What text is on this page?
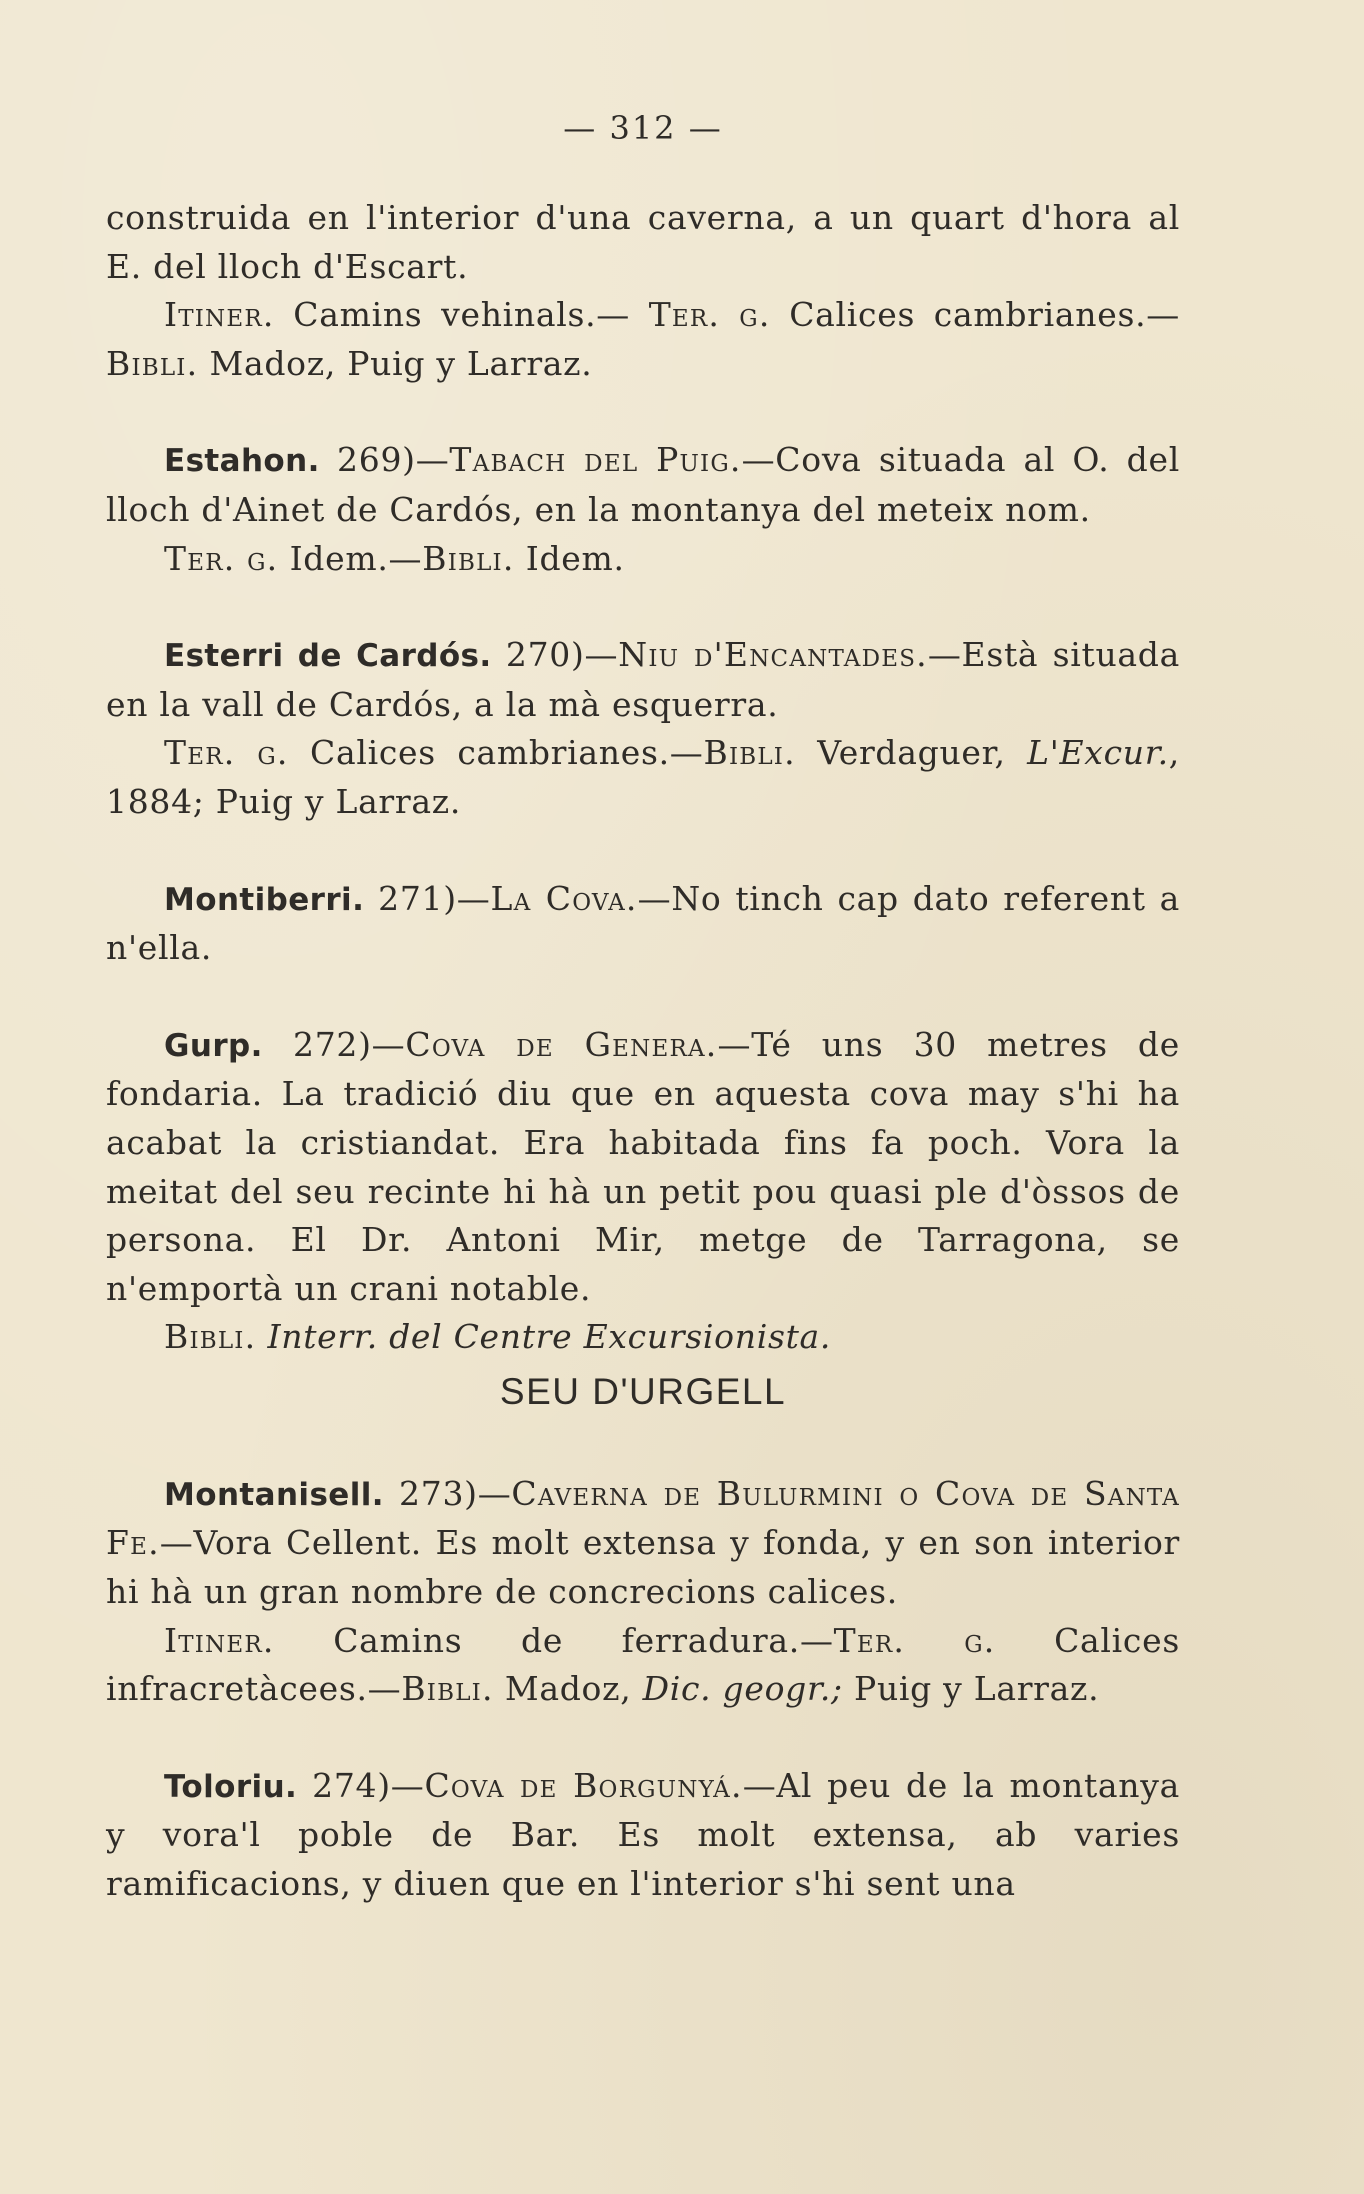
— 312 —

construida en l'interior d'una caverna, a un quart d'hora al E. del lloch d'Escart.

Itiner. Camins vehinals.— Ter. g. Calices cambrianes.—Bibli. Madoz, Puig y Larraz.

Estahon. 269)—Tabach del Puig.—Cova situada al O. del lloch d'Ainet de Cardós, en la montanya del meteix nom.

Ter. g. Idem.—Bibli. Idem.

Esterri de Cardós. 270)—Niu d'Encantades.—Està situada en la vall de Cardós, a la mà esquerra.

Ter. g. Calices cambrianes.—Bibli. Verdaguer, L'Excur., 1884; Puig y Larraz.

Montiberri. 271)—La Cova.—No tinch cap dato referent a n'ella.

Gurp. 272)—Cova de Genera.—Té uns 30 metres de fondaria. La tradició diu que en aquesta cova may s'hi ha acabat la cristiandat. Era habitada fins fa poch. Vora la meitat del seu recinte hi hà un petit pou quasi ple d'òssos de persona. El Dr. Antoni Mir, metge de Tarragona, se n'emportà un crani notable.

Bibli. Interr. del Centre Excursionista.

SEU D'URGELL

Montanisell. 273)—Caverna de Bulurmini o Cova de Santa Fe.—Vora Cellent. Es molt extensa y fonda, y en son interior hi hà un gran nombre de concrecions calices.

Itiner. Camins de ferradura.—Ter. g. Calices infracretàcees.—Bibli. Madoz, Dic. geogr.; Puig y Larraz.

Toloriu. 274)—Cova de Borgunyá.—Al peu de la montanya y vora'l poble de Bar. Es molt extensa, ab varies ramificacions, y diuen que en l'interior s'hi sent una
